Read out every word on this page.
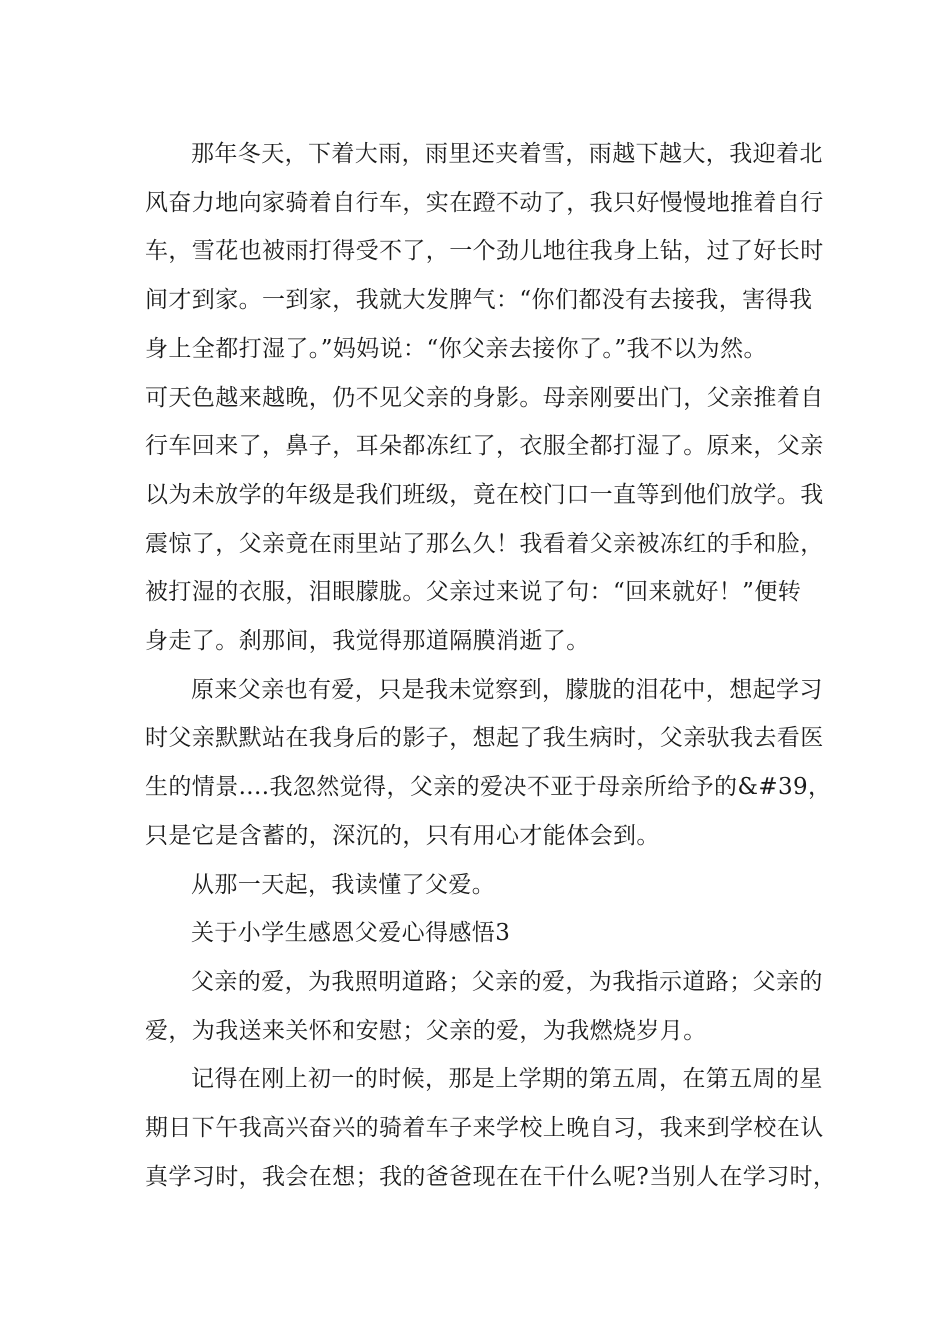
那年冬天，下着大雨，雨里还夹着雪，雨越下越大，我迎着北
风奋力地向家骑着自行车，实在蹬不动了，我只好慢慢地推着自行
车，雪花也被雨打得受不了，一个劲儿地往我身上钻，过了好长时
间才到家。一到家，我就大发脾气：“你们都没有去接我，害得我
身上全都打湿了。”妈妈说：“你父亲去接你了。”我不以为然。
可天色越来越晚，仍不见父亲的身影。母亲刚要出门，父亲推着自
行车回来了，鼻子，耳朵都冻红了，衣服全都打湿了。原来，父亲
以为未放学的年级是我们班级，竟在校门口一直等到他们放学。我
震惊了，父亲竟在雨里站了那么久！我看着父亲被冻红的手和脸，
被打湿的衣服，泪眼朦胧。父亲过来说了句：“回来就好！”便转
身走了。刹那间，我觉得那道隔膜消逝了。
原来父亲也有爱，只是我未觉察到，朦胧的泪花中，想起学习
时父亲默默站在我身后的影子，想起了我生病时，父亲驮我去看医
生的情景....我忽然觉得，父亲的爱决不亚于母亲所给予的&#39，
只是它是含蓄的，深沉的，只有用心才能体会到。
从那一天起，我读懂了父爱。
关于小学生感恩父爱心得感悟3
父亲的爱，为我照明道路；父亲的爱，为我指示道路；父亲的
爱，为我送来关怀和安慰；父亲的爱，为我燃烧岁月。
记得在刚上初一的时候，那是上学期的第五周，在第五周的星
期日下午我高兴奋兴的骑着车子来学校上晚自习，我来到学校在认
真学习时，我会在想；我的爸爸现在在干什么呢?当别人在学习时，
